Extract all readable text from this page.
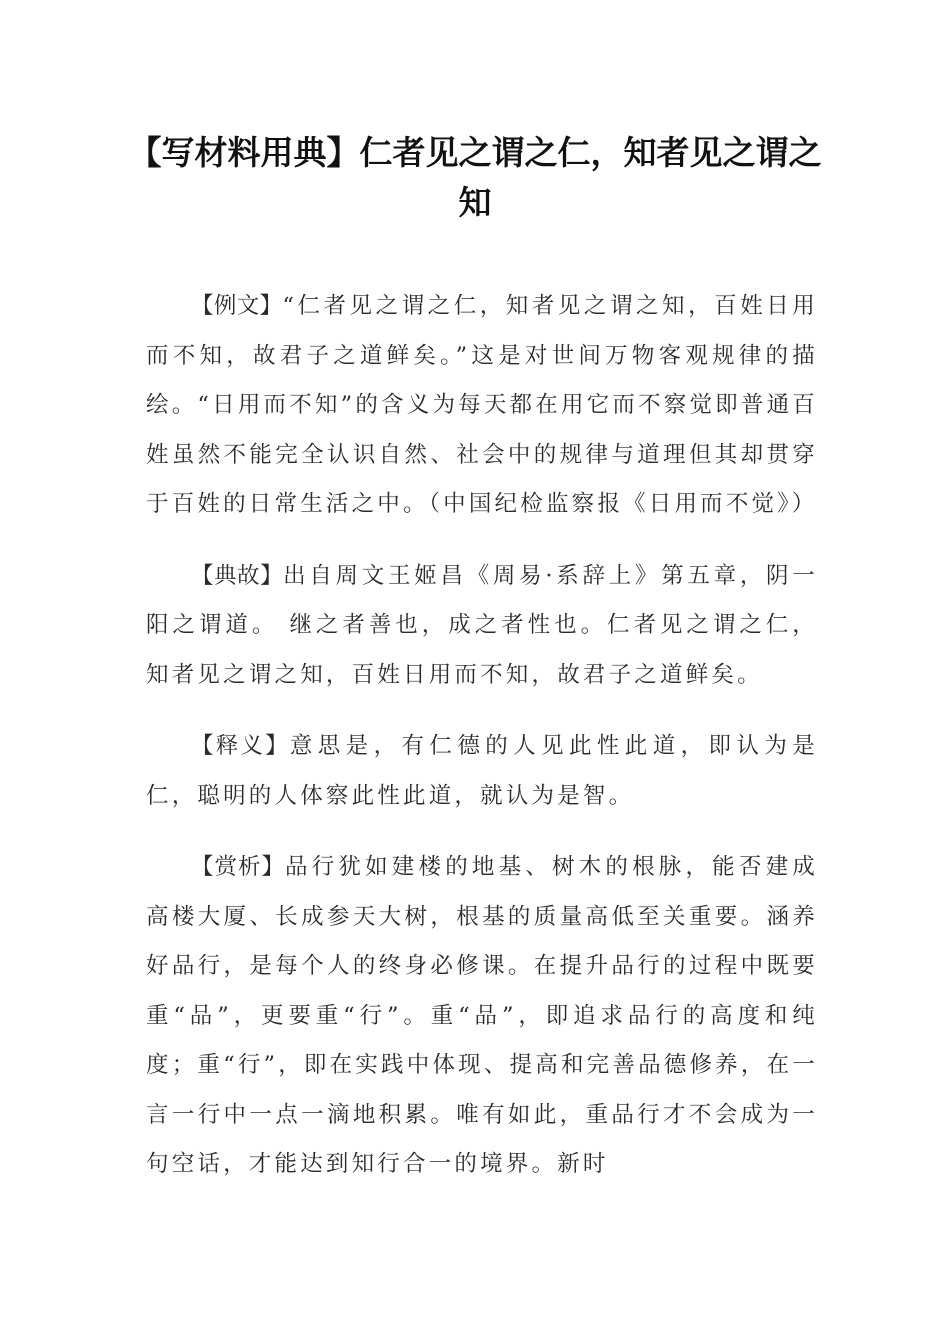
【写材料用典】仁者见之谓之仁，知者见之谓之知

【例文】“仁者见之谓之仁，知者见之谓之知，百姓日用而不知，故君子之道鲜矣。”这是对世间万物客观规律的描绘。“日用而不知”的含义为每天都在用它而不察觉即普通百姓虽然不能完全认识自然、社会中的规律与道理但其却贯穿于百姓的日常生活之中。（中国纪检监察报《日用而不觉》）

【典故】出自周文王姬昌《周易·系辞上》第五章，阴一阳之谓道。 继之者善也，成之者性也。仁者见之谓之仁，知者见之谓之知，百姓日用而不知，故君子之道鲜矣。

【释义】意思是，有仁德的人见此性此道，即认为是仁，聪明的人体察此性此道，就认为是智。

【赏析】品行犹如建楼的地基、树木的根脉，能否建成高楼大厦、长成参天大树，根基的质量高低至关重要。涵养好品行，是每个人的终身必修课。在提升品行的过程中既要重“品”，更要重“行”。重“品”，即追求品行的高度和纯度；重“行”，即在实践中体现、提高和完善品德修养，在一言一行中一点一滴地积累。唯有如此，重品行才不会成为一句空话，才能达到知行合一的境界。新时
